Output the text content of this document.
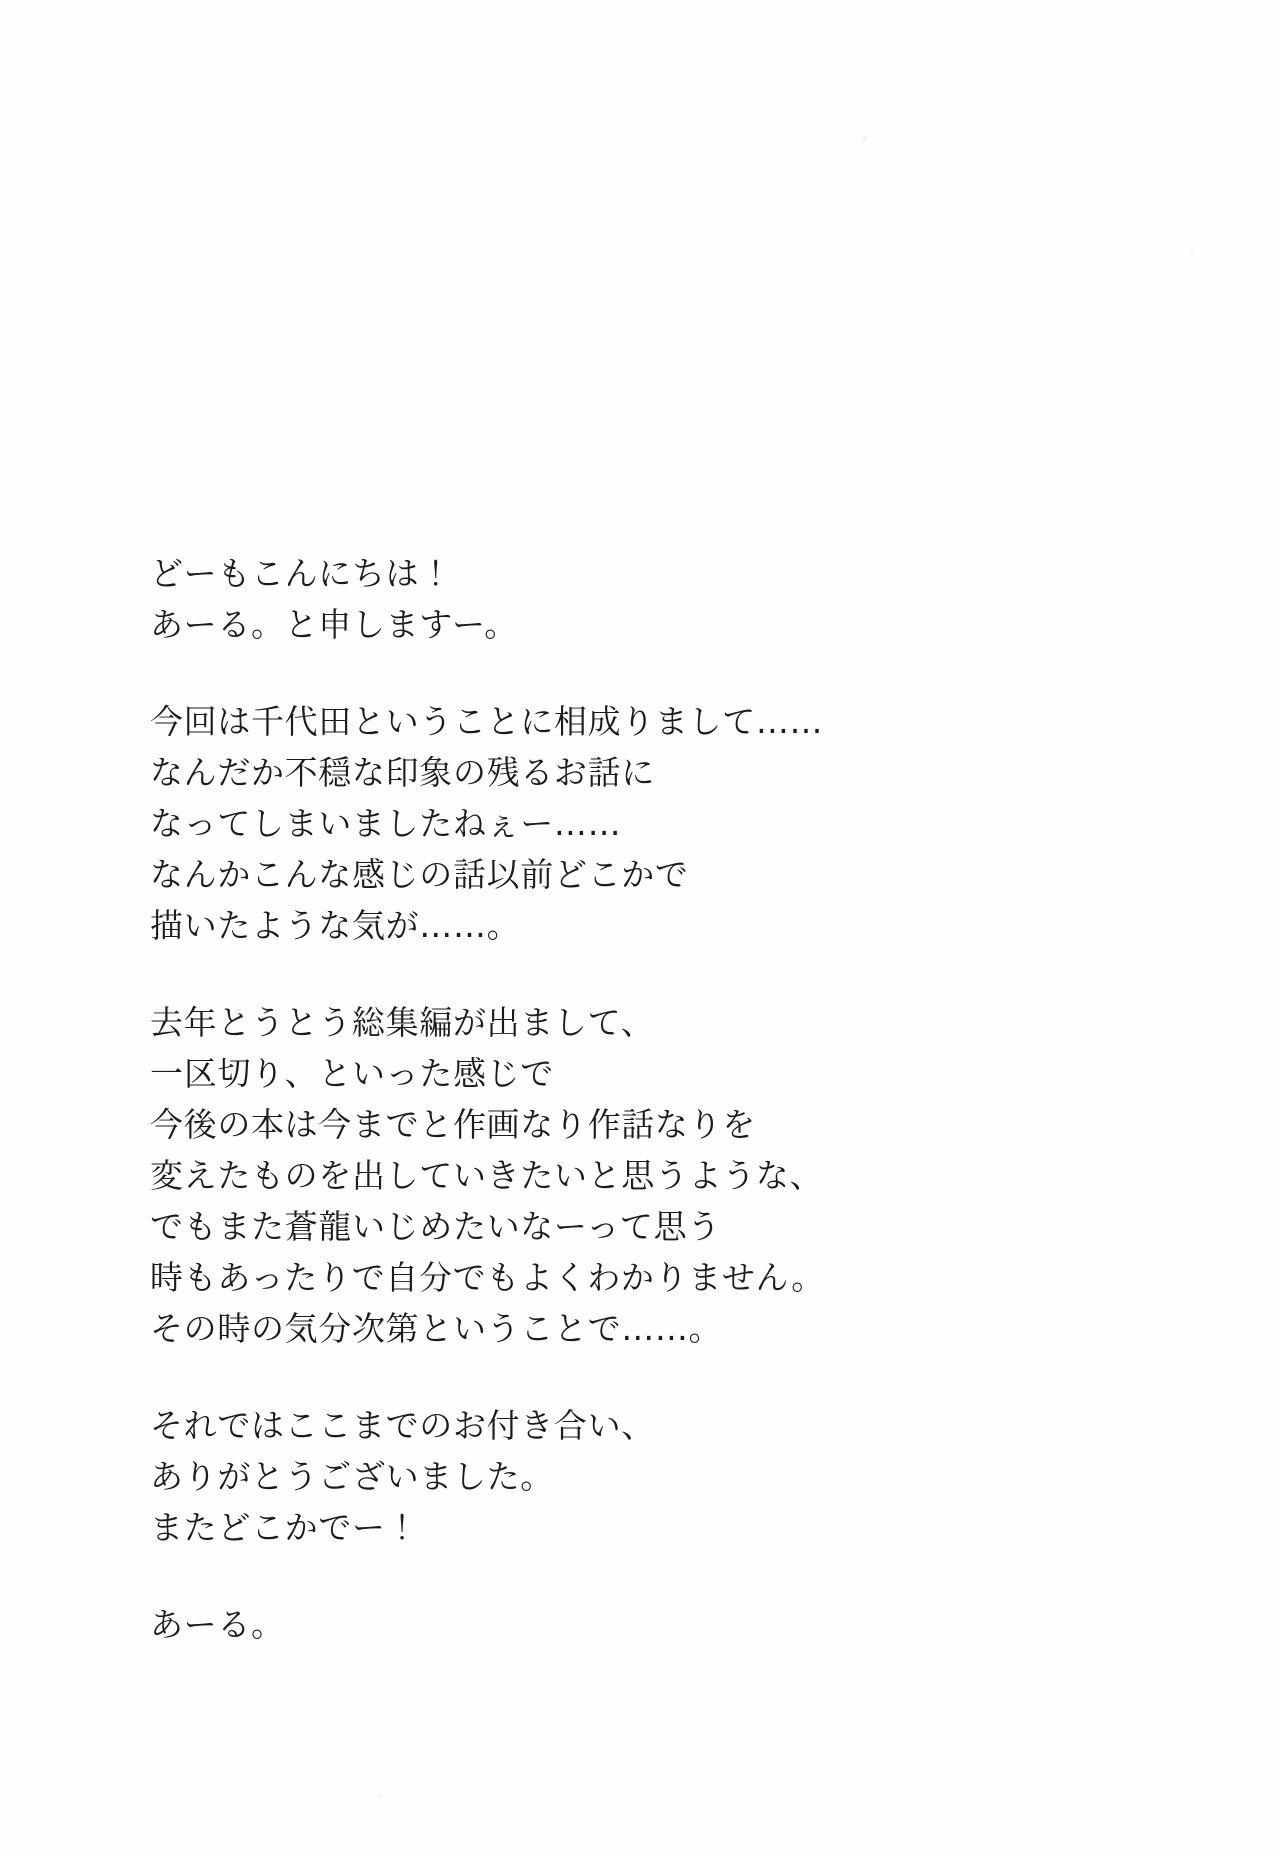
どーもこんにちは！
あーる。と申しますー。
今回は千代田ということに相成りまして……
なんだか不穏な印象の残るお話に
なってしまいましたねぇー……
なんかこんな感じの話以前どこかで
描いたような気が……。
去年とうとう総集編が出まして、
一区切り、といった感じで
今後の本は今までと作画なり作話なりを
変えたものを出していきたいと思うような、
でもまた蒼龍いじめたいなーって思う
時もあったりで自分でもよくわかりません。
その時の気分次第ということで……。
それではここまでのお付き合い、
ありがとうございました。
またどこかでー！
あーる。
